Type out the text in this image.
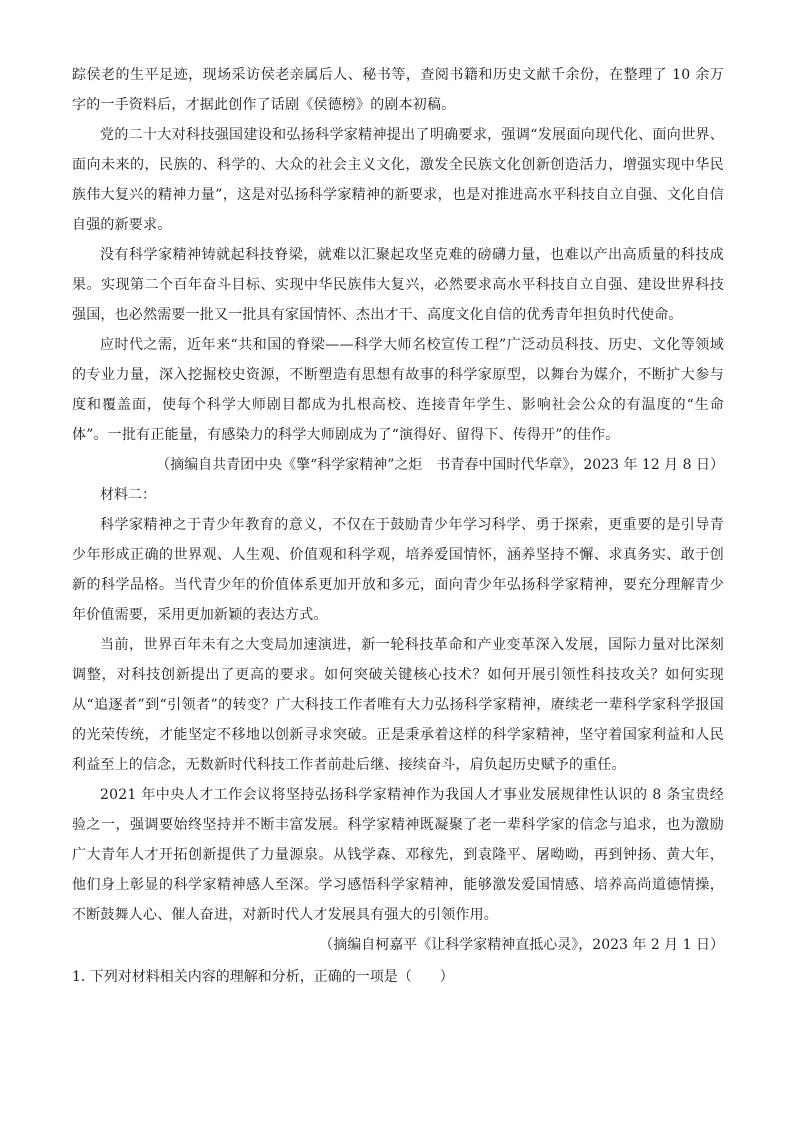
踪侯老的生平足迹，现场采访侯老亲属后人、秘书等，查阅书籍和历史文献千余份，在整理了 10 余万字的一手资料后，才据此创作了话剧《侯德榜》的剧本初稿。

党的二十大对科技强国建设和弘扬科学家精神提出了明确要求，强调“发展面向现代化、面向世界、面向未来的，民族的、科学的、大众的社会主义文化，激发全民族文化创新创造活力，增强实现中华民族伟大复兴的精神力量”，这是对弘扬科学家精神的新要求，也是对推进高水平科技自立自强、文化自信自强的新要求。

没有科学家精神铸就起科技脊梁，就难以汇聚起攻坚克难的磅礴力量，也难以产出高质量的科技成果。实现第二个百年奋斗目标、实现中华民族伟大复兴，必然要求高水平科技自立自强、建设世界科技强国，也必然需要一批又一批具有家国情怀、杰出才干、高度文化自信的优秀青年担负时代使命。

应时代之需，近年来“共和国的脊梁——科学大师名校宣传工程”广泛动员科技、历史、文化等领域的专业力量，深入挖掘校史资源，不断塑造有思想有故事的科学家原型，以舞台为媒介，不断扩大参与度和覆盖面，使每个科学大师剧目都成为扎根高校、连接青年学生、影响社会公众的有温度的“生命体”。一批有正能量，有感染力的科学大师剧成为了“演得好、留得下、传得开”的佳作。

（摘编自共青团中央《擎“科学家精神”之炬　书青春中国时代华章》，2023 年 12 月 8 日）

材料二：

科学家精神之于青少年教育的意义，不仅在于鼓励青少年学习科学、勇于探索，更重要的是引导青少年形成正确的世界观、人生观、价值观和科学观，培养爱国情怀，涵养坚持不懈、求真务实、敢于创新的科学品格。当代青少年的价值体系更加开放和多元，面向青少年弘扬科学家精神，要充分理解青少年价值需要，采用更加新颖的表达方式。

当前，世界百年未有之大变局加速演进，新一轮科技革命和产业变革深入发展，国际力量对比深刻调整，对科技创新提出了更高的要求。如何突破关键核心技术？如何开展引领性科技攻关？如何实现从“追逐者”到“引领者”的转变？广大科技工作者唯有大力弘扬科学家精神，赓续老一辈科学家科学报国的光荣传统，才能坚定不移地以创新寻求突破。正是秉承着这样的科学家精神，坚守着国家利益和人民利益至上的信念，无数新时代科技工作者前赴后继、接续奋斗，肩负起历史赋予的重任。

2021 年中央人才工作会议将坚持弘扬科学家精神作为我国人才事业发展规律性认识的 8 条宝贵经验之一，强调要始终坚持并不断丰富发展。科学家精神既凝聚了老一辈科学家的信念与追求，也为激励广大青年人才开拓创新提供了力量源泉。从钱学森、邓稼先，到袁隆平、屠呦呦，再到钟扬、黄大年，他们身上彰显的科学家精神感人至深。学习感悟科学家精神，能够激发爱国情感、培养高尚道德情操，不断鼓舞人心、催人奋进，对新时代人才发展具有强大的引领作用。

（摘编自柯嘉平《让科学家精神直抵心灵》，2023 年 2 月 1 日）

1. 下列对材料相关内容的理解和分析，正确的一项是（　　）
